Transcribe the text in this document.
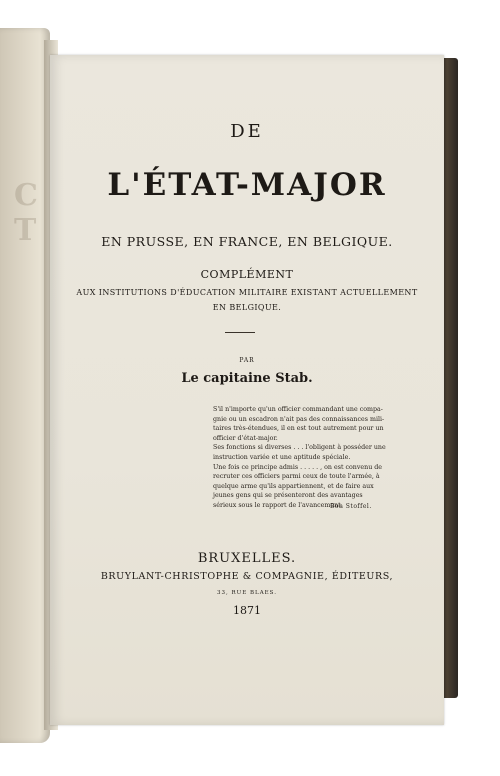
C T
DE
L'ÉTAT-MAJOR
EN PRUSSE, EN FRANCE, EN BELGIQUE.
COMPLÉMENT
AUX INSTITUTIONS D'ÉDUCATION MILITAIRE EXISTANT ACTUELLEMENT
EN BELGIQUE.
PAR
Le capitaine Stab.

S'il n'importe qu'un officier commandant une compa-

gnie ou un escadron n'ait pas des connaissances mili-

taires très-étendues, il en est tout autrement pour un

officier d'état-major.

Ses fonctions si diverses . . . l'obligent à posséder une

instruction variée et une aptitude spéciale.

Une fois ce principe admis . . . . . , on est convenu de

recruter ces officiers parmi ceux de toute l'armée, à

quelque arme qu'ils appartiennent, et de faire aux

jeunes gens qui se présenteront des avantages

sérieux sous le rapport de l'avancement.

Bon Stoffel.
BRUXELLES.
BRUYLANT-CHRISTOPHE & COMPAGNIE, ÉDITEURS,
33, RUE BLAES.
1871
